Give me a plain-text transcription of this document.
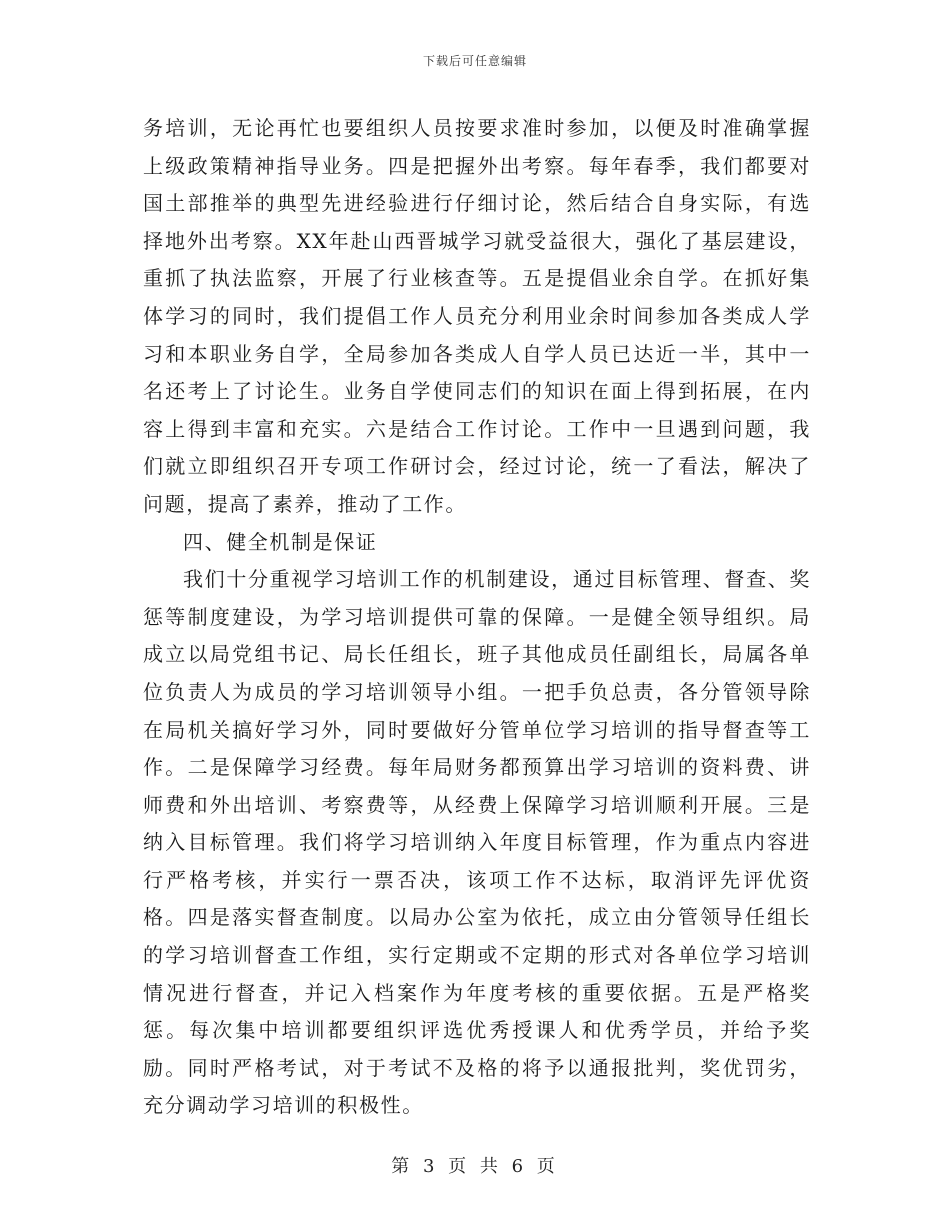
下载后可任意编辑

务培训，无论再忙也要组织人员按要求准时参加，以便及时准确掌握上级政策精神指导业务。四是把握外出考察。每年春季，我们都要对国土部推举的典型先进经验进行仔细讨论，然后结合自身实际，有选择地外出考察。XX年赴山西晋城学习就受益很大，强化了基层建设，重抓了执法监察，开展了行业核查等。五是提倡业余自学。在抓好集体学习的同时，我们提倡工作人员充分利用业余时间参加各类成人学习和本职业务自学，全局参加各类成人自学人员已达近一半，其中一名还考上了讨论生。业务自学使同志们的知识在面上得到拓展，在内容上得到丰富和充实。六是结合工作讨论。工作中一旦遇到问题，我们就立即组织召开专项工作研讨会，经过讨论，统一了看法，解决了问题，提高了素养，推动了工作。

四、健全机制是保证

我们十分重视学习培训工作的机制建设，通过目标管理、督查、奖惩等制度建设，为学习培训提供可靠的保障。一是健全领导组织。局成立以局党组书记、局长任组长，班子其他成员任副组长，局属各单位负责人为成员的学习培训领导小组。一把手负总责，各分管领导除在局机关搞好学习外，同时要做好分管单位学习培训的指导督查等工作。二是保障学习经费。每年局财务都预算出学习培训的资料费、讲师费和外出培训、考察费等，从经费上保障学习培训顺利开展。三是纳入目标管理。我们将学习培训纳入年度目标管理，作为重点内容进行严格考核，并实行一票否决，该项工作不达标，取消评先评优资格。四是落实督查制度。以局办公室为依托，成立由分管领导任组长的学习培训督查工作组，实行定期或不定期的形式对各单位学习培训情况进行督查，并记入档案作为年度考核的重要依据。五是严格奖惩。每次集中培训都要组织评选优秀授课人和优秀学员，并给予奖励。同时严格考试，对于考试不及格的将予以通报批判，奖优罚劣，充分调动学习培训的积极性。

第 3 页 共 6 页
